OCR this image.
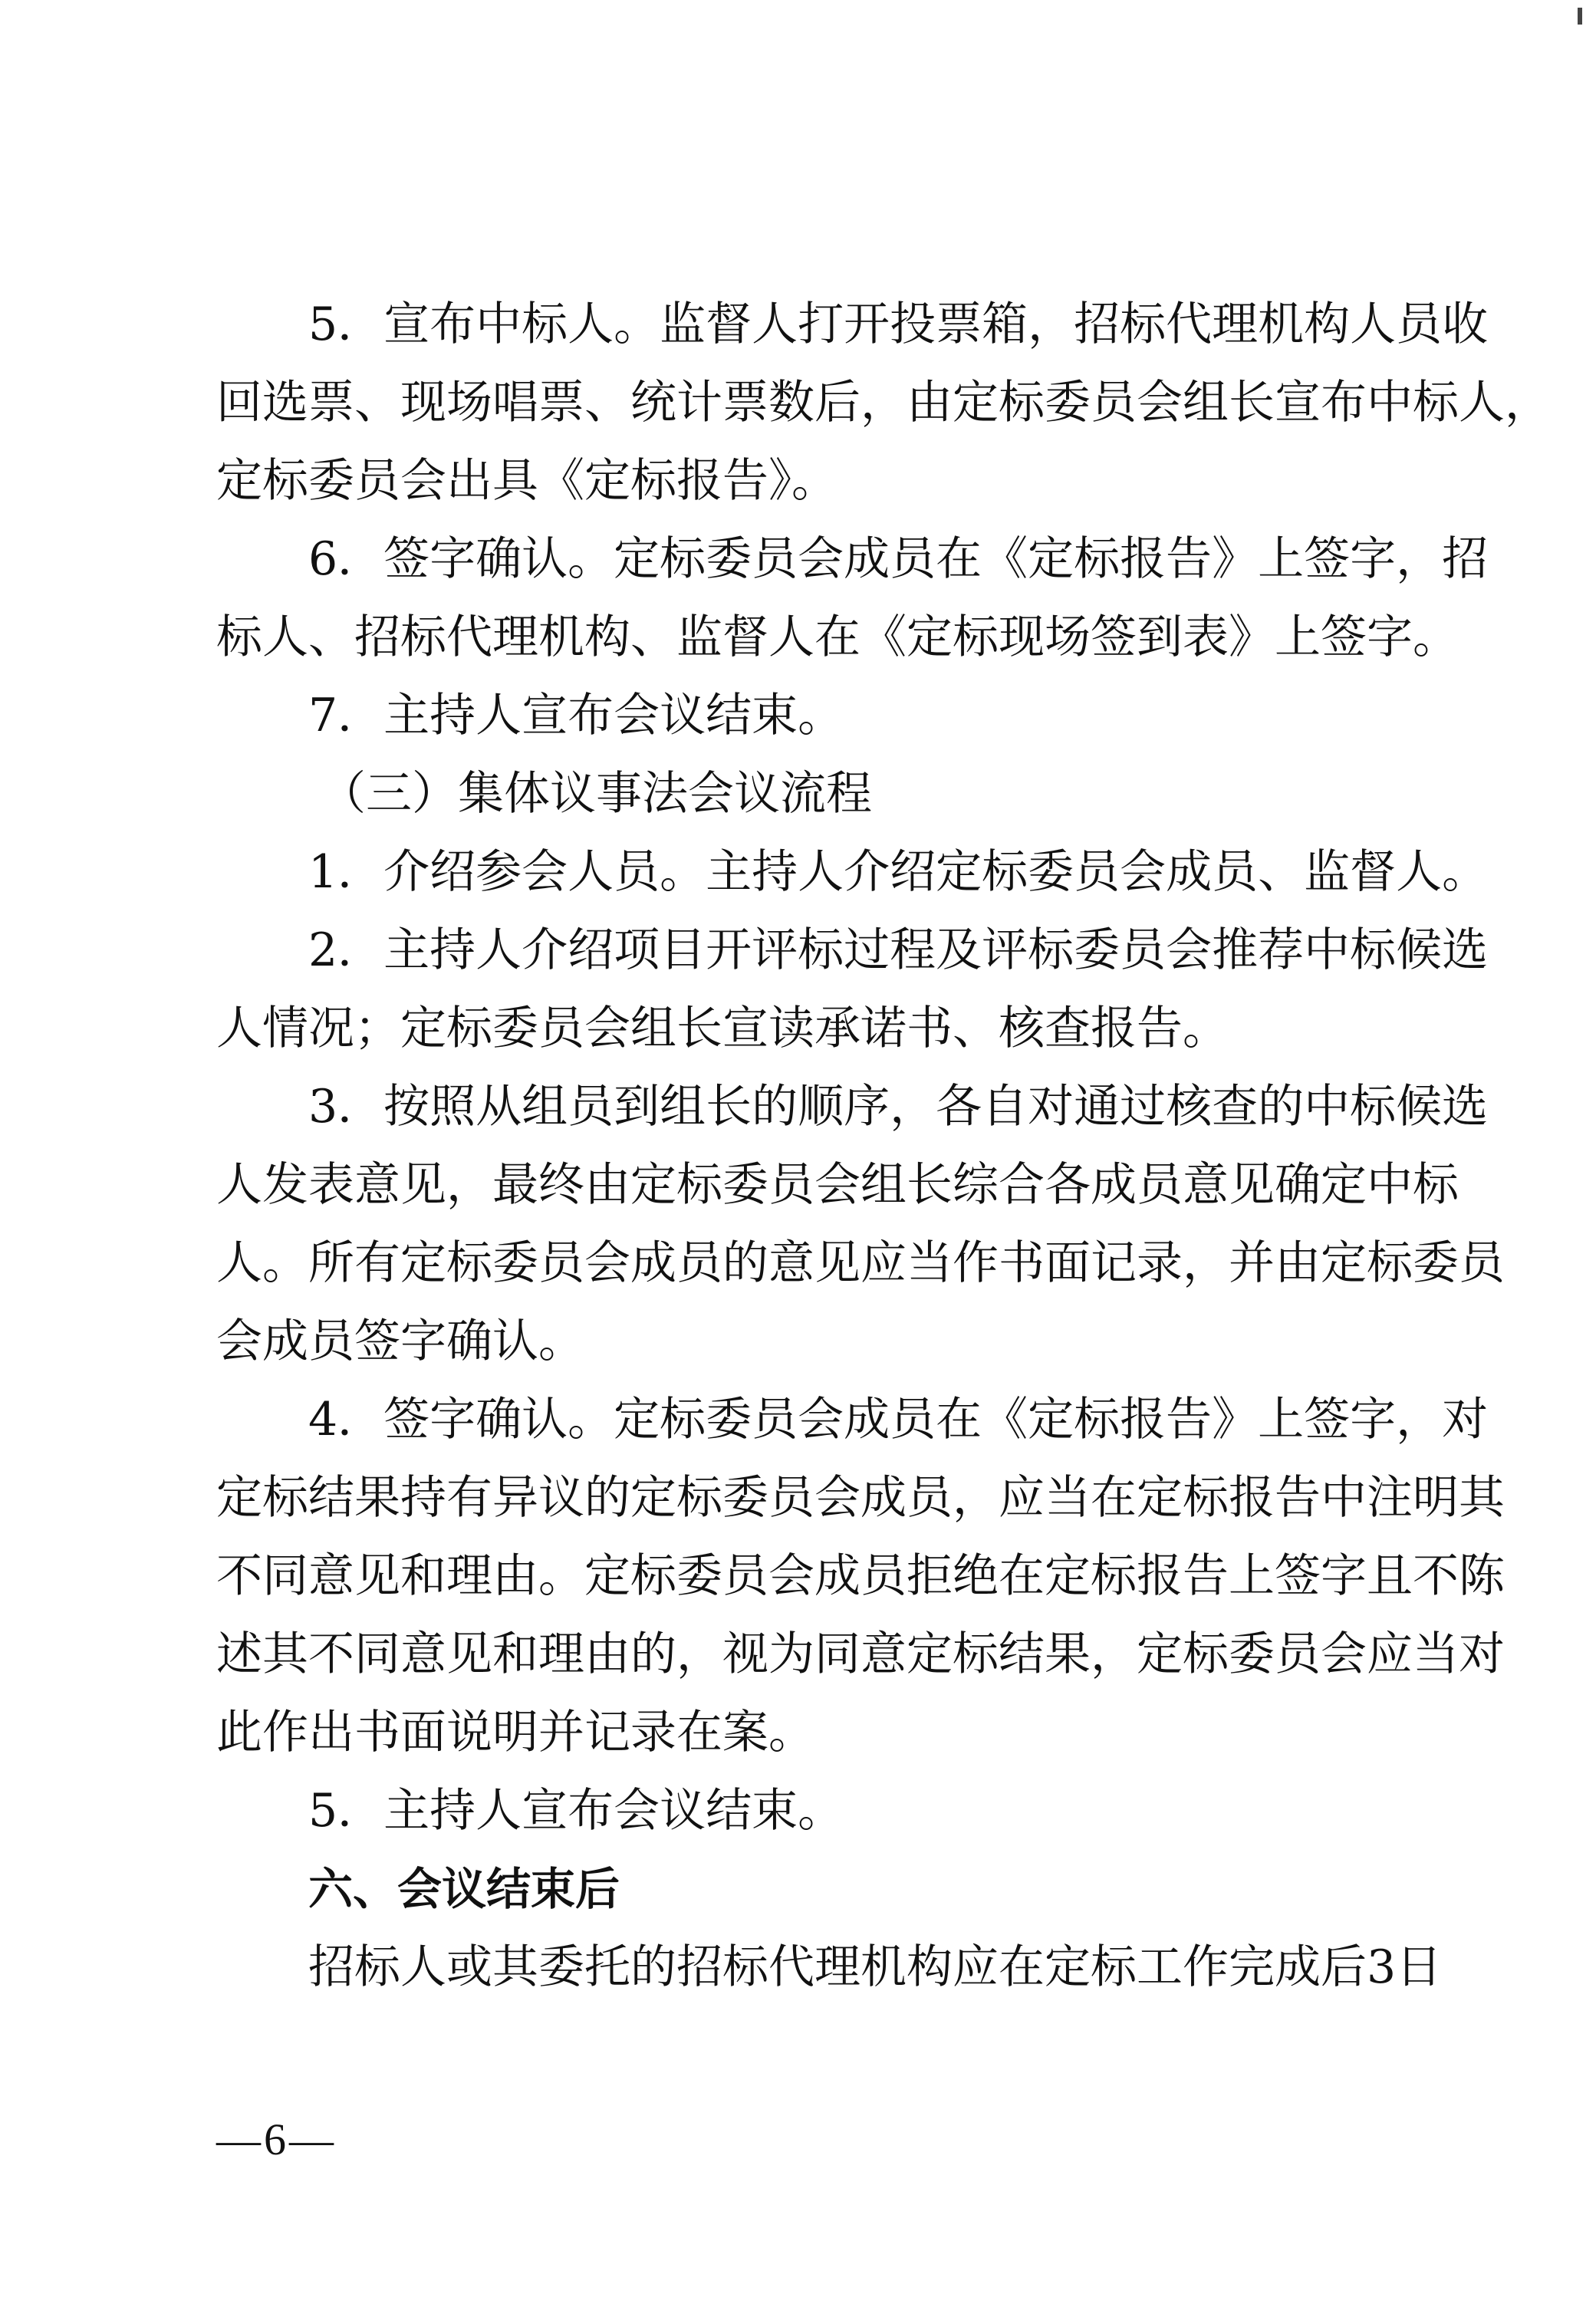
5．宣布中标人。监督人打开投票箱，招标代理机构人员收
回选票、现场唱票、统计票数后，由定标委员会组长宣布中标人，
定标委员会出具《定标报告》。
6．签字确认。定标委员会成员在《定标报告》上签字，招
标人、招标代理机构、监督人在《定标现场签到表》上签字。
7．主持人宣布会议结束。
（三）集体议事法会议流程
1．介绍参会人员。主持人介绍定标委员会成员、监督人。
2．主持人介绍项目开评标过程及评标委员会推荐中标候选
人情况；定标委员会组长宣读承诺书、核查报告。
3．按照从组员到组长的顺序，各自对通过核查的中标候选
人发表意见，最终由定标委员会组长综合各成员意见确定中标
人。所有定标委员会成员的意见应当作书面记录，并由定标委员
会成员签字确认。
4．签字确认。定标委员会成员在《定标报告》上签字，对
定标结果持有异议的定标委员会成员，应当在定标报告中注明其
不同意见和理由。定标委员会成员拒绝在定标报告上签字且不陈
述其不同意见和理由的，视为同意定标结果，定标委员会应当对
此作出书面说明并记录在案。
5．主持人宣布会议结束。
六、会议结束后
招标人或其委托的招标代理机构应在定标工作完成后3日
—6—
